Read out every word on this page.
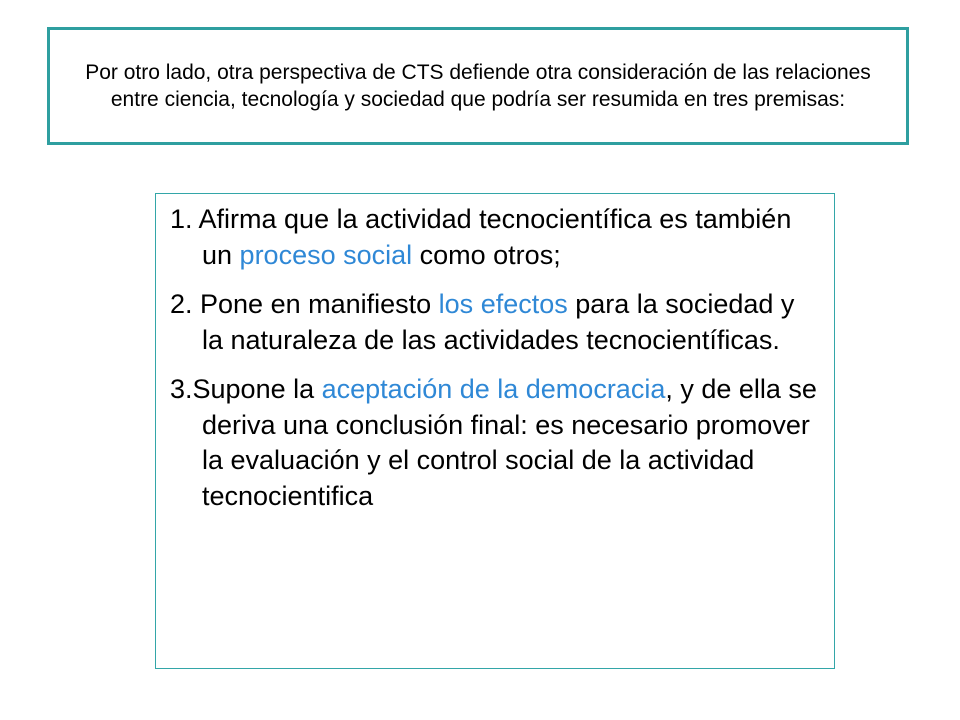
Por otro lado, otra perspectiva de CTS defiende otra consideración de las relaciones entre ciencia, tecnología y sociedad que podría ser resumida en tres premisas:

1. Afirma que la actividad tecnocientífica es también un proceso social como otros;

2. Pone en manifiesto los efectos para la sociedad y la naturaleza de las actividades tecnocientíficas.

3.Supone la aceptación de la democracia, y de ella se deriva una conclusión final: es necesario promover la evaluación y el control social de la actividad tecnocientifica
